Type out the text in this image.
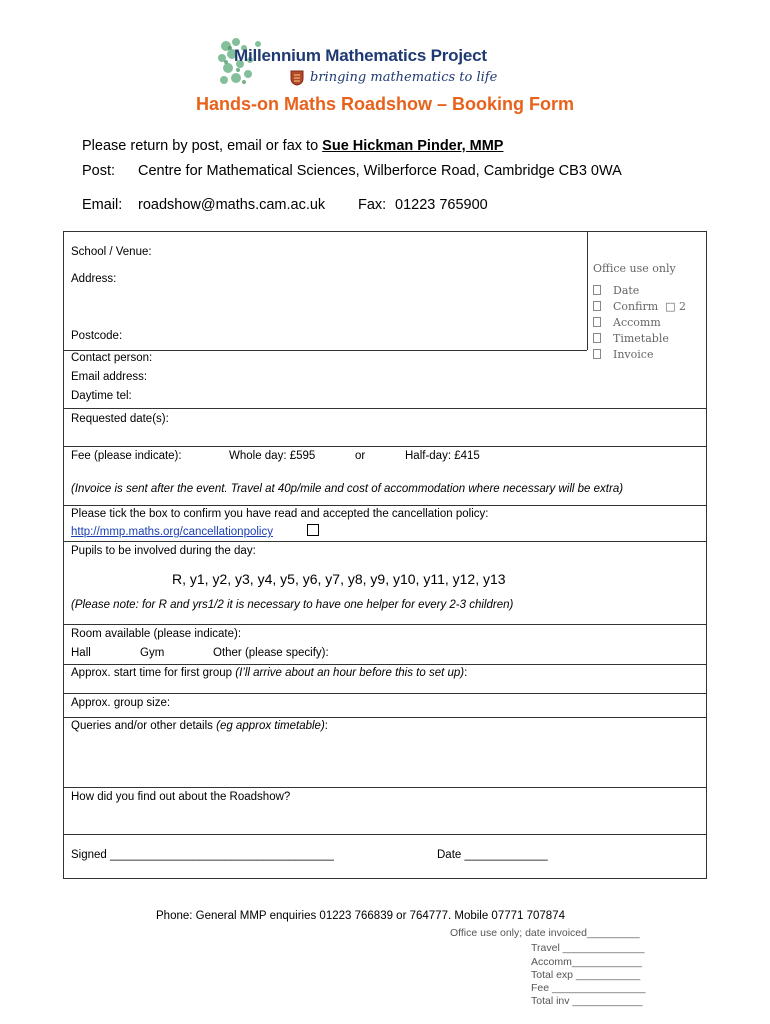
Millennium Mathematics Project
bringing mathematics to life
Hands-on Maths Roadshow – Booking Form
Please return by post, email or fax to Sue Hickman Pinder, MMP
Post: Centre for Mathematical Sciences, Wilberforce Road, Cambridge CB3 0WA
Email: roadshow@maths.cam.ac.uk Fax: 01223 765900
School / Venue:
Address:
Postcode:
Office use only
Date
Confirm  □ 2
Accomm
Timetable
Invoice
Contact person:
Email address:
Daytime tel:
Requested date(s):
Fee (please indicate):	Whole day: £595	or	Half-day: £415
(Invoice is sent after the event. Travel at 40p/mile and cost of accommodation where necessary will be extra)
Please tick the box to confirm you have read and accepted the cancellation policy:
http://mmp.maths.org/cancellationpolicy
Pupils to be involved during the day:
R, y1, y2, y3, y4, y5, y6, y7, y8, y9, y10, y11, y12, y13
(Please note: for R and yrs1/2 it is necessary to have one helper for every 2-3 children)
Room available (please indicate):
Hall	Gym	Other (please specify):
Approx. start time for first group (I’ll arrive about an hour before this to set up):
Approx. group size:
Queries and/or other details (eg approx timetable):
How did you find out about the Roadshow?
Signed ___________________________________	Date _____________
Phone: General MMP enquiries 01223 766839 or 764777. Mobile 07771 707874
Office use only; date invoiced_________
Travel ______________
Accomm____________
Total exp ___________
Fee ________________
Total inv ____________
